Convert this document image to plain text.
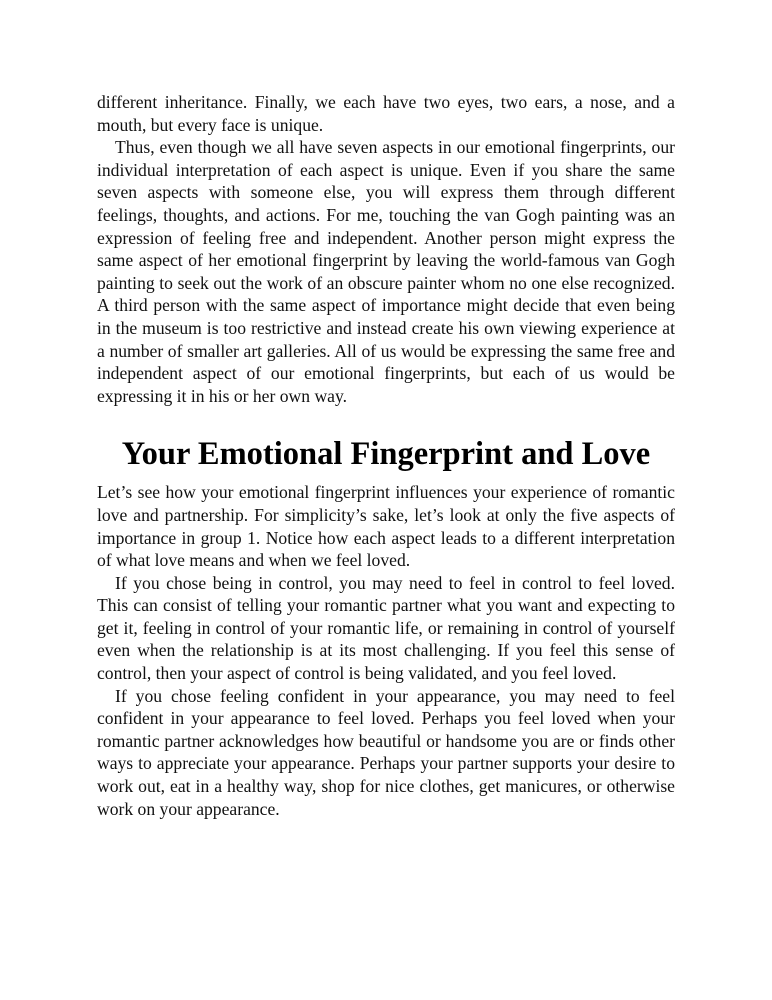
different inheritance. Finally, we each have two eyes, two ears, a nose, and a mouth, but every face is unique.

Thus, even though we all have seven aspects in our emotional fingerprints, our individual interpretation of each aspect is unique. Even if you share the same seven aspects with someone else, you will express them through different feelings, thoughts, and actions. For me, touching the van Gogh painting was an expression of feeling free and independent. Another person might express the same aspect of her emotional fingerprint by leaving the world-famous van Gogh painting to seek out the work of an obscure painter whom no one else recognized. A third person with the same aspect of importance might decide that even being in the museum is too restrictive and instead create his own viewing experience at a number of smaller art galleries. All of us would be expressing the same free and independent aspect of our emotional fingerprints, but each of us would be expressing it in his or her own way.

Your Emotional Fingerprint and Love

Let’s see how your emotional fingerprint influences your experience of romantic love and partnership. For simplicity’s sake, let’s look at only the five aspects of importance in group 1. Notice how each aspect leads to a different interpretation of what love means and when we feel loved.

If you chose being in control, you may need to feel in control to feel loved. This can consist of telling your romantic partner what you want and expecting to get it, feeling in control of your romantic life, or remaining in control of yourself even when the relationship is at its most challenging. If you feel this sense of control, then your aspect of control is being validated, and you feel loved.

If you chose feeling confident in your appearance, you may need to feel confident in your appearance to feel loved. Perhaps you feel loved when your romantic partner acknowledges how beautiful or handsome you are or finds other ways to appreciate your appearance. Perhaps your partner supports your desire to work out, eat in a healthy way, shop for nice clothes, get manicures, or otherwise work on your appearance.
